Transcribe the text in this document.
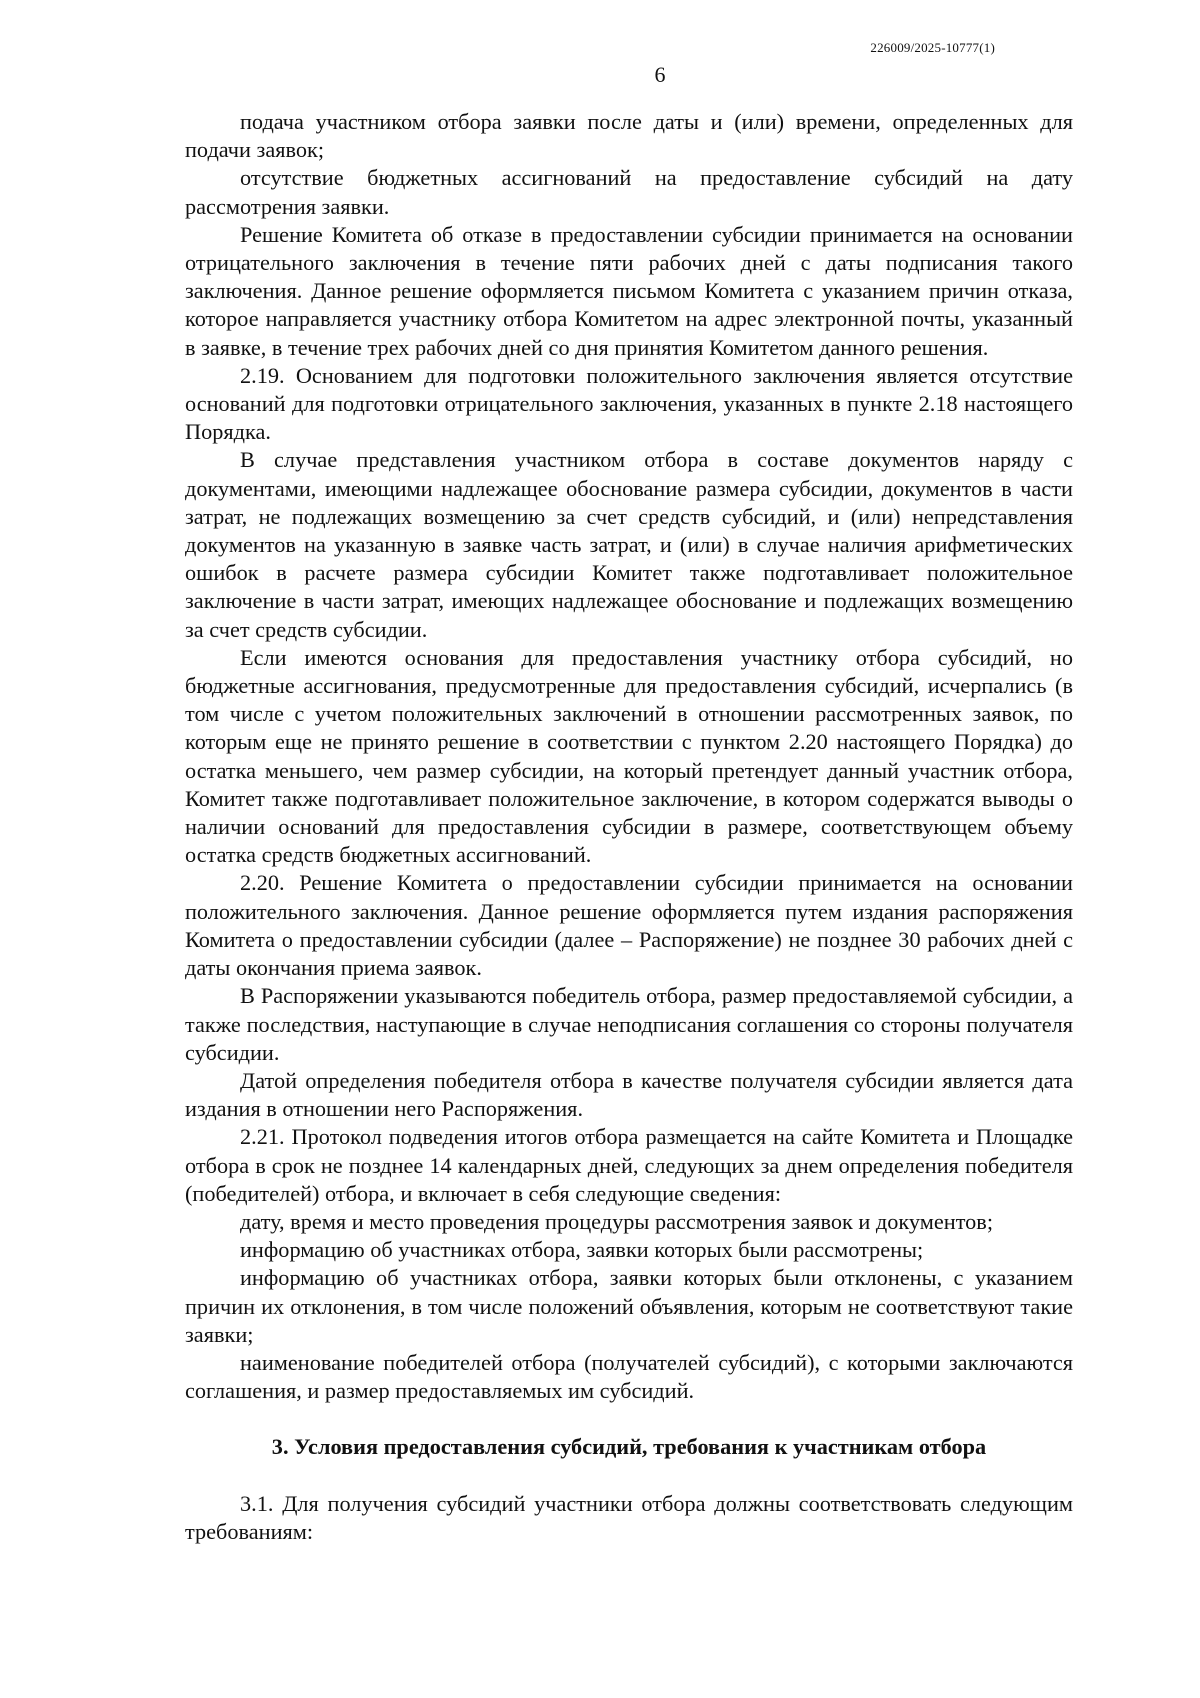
226009/2025-10777(1)
6

подача участником отбора заявки после даты и (или) времени, определенных для подачи заявок;

отсутствие бюджетных ассигнований на предоставление субсидий на дату рассмотрения заявки.

Решение Комитета об отказе в предоставлении субсидии принимается на основании отрицательного заключения в течение пяти рабочих дней с даты подписания такого заключения. Данное решение оформляется письмом Комитета с указанием причин отказа, которое направляется участнику отбора Комитетом на адрес электронной почты, указанный в заявке, в течение трех рабочих дней со дня принятия Комитетом данного решения.

2.19. Основанием для подготовки положительного заключения является отсутствие оснований для подготовки отрицательного заключения, указанных в пункте 2.18 настоящего Порядка.

В случае представления участником отбора в составе документов наряду с документами, имеющими надлежащее обоснование размера субсидии, документов в части затрат, не подлежащих возмещению за счет средств субсидий, и (или) непредставления документов на указанную в заявке часть затрат, и (или) в случае наличия арифметических ошибок в расчете размера субсидии Комитет также подготавливает положительное заключение в части затрат, имеющих надлежащее обоснование и подлежащих возмещению за счет средств субсидии.

Если имеются основания для предоставления участнику отбора субсидий, но бюджетные ассигнования, предусмотренные для предоставления субсидий, исчерпались (в том числе с учетом положительных заключений в отношении рассмотренных заявок, по которым еще не принято решение в соответствии с пунктом 2.20 настоящего Порядка) до остатка меньшего, чем размер субсидии, на который претендует данный участник отбора, Комитет также подготавливает положительное заключение, в котором содержатся выводы о наличии оснований для предоставления субсидии в размере, соответствующем объему остатка средств бюджетных ассигнований.

2.20. Решение Комитета о предоставлении субсидии принимается на основании положительного заключения. Данное решение оформляется путем издания распоряжения Комитета о предоставлении субсидии (далее – Распоряжение) не позднее 30 рабочих дней с даты окончания приема заявок.

В Распоряжении указываются победитель отбора, размер предоставляемой субсидии, а также последствия, наступающие в случае неподписания соглашения со стороны получателя субсидии.

Датой определения победителя отбора в качестве получателя субсидии является дата издания в отношении него Распоряжения.

2.21. Протокол подведения итогов отбора размещается на сайте Комитета и Площадке отбора в срок не позднее 14 календарных дней, следующих за днем определения победителя (победителей) отбора, и включает в себя следующие сведения:

дату, время и место проведения процедуры рассмотрения заявок и документов;

информацию об участниках отбора, заявки которых были рассмотрены;

информацию об участниках отбора, заявки которых были отклонены, с указанием причин их отклонения, в том числе положений объявления, которым не соответствуют такие заявки;

наименование победителей отбора (получателей субсидий), с которыми заключаются соглашения, и размер предоставляемых им субсидий.

3. Условия предоставления субсидий, требования к участникам отбора

3.1. Для получения субсидий участники отбора должны соответствовать следующим требованиям:
